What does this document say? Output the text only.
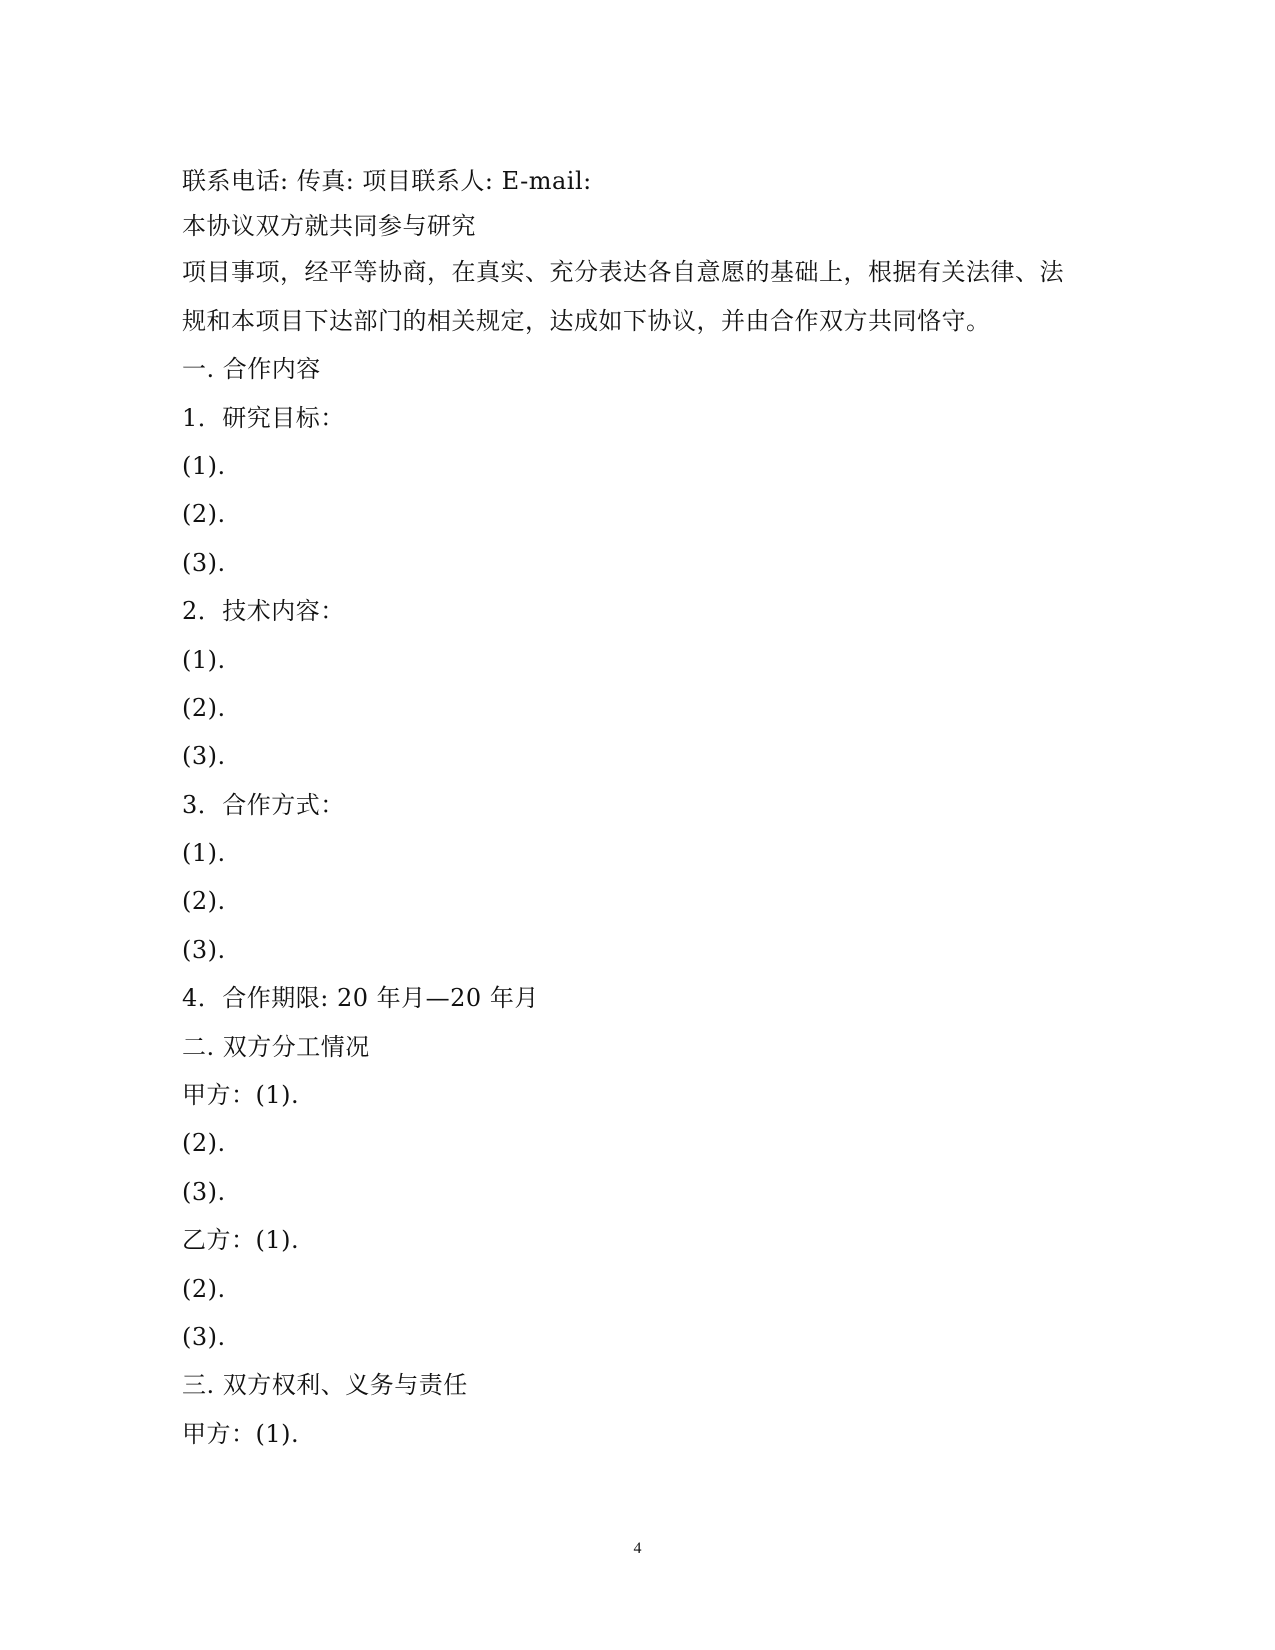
联系电话: 传真: 项目联系人: E-mail:
本协议双方就共同参与研究
项目事项，经平等协商，在真实、充分表达各自意愿的基础上，根据有关法律、法
规和本项目下达部门的相关规定，达成如下协议，并由合作双方共同恪守。
一. 合作内容
1．研究目标：
(1).
(2).
(3).
2．技术内容：
(1).
(2).
(3).
3．合作方式：
(1).
(2).
(3).
4．合作期限: 20 年月—20 年月
二. 双方分工情况
甲方：(1).
(2).
(3).
乙方：(1).
(2).
(3).
三. 双方权利、义务与责任
甲方：(1).
4
